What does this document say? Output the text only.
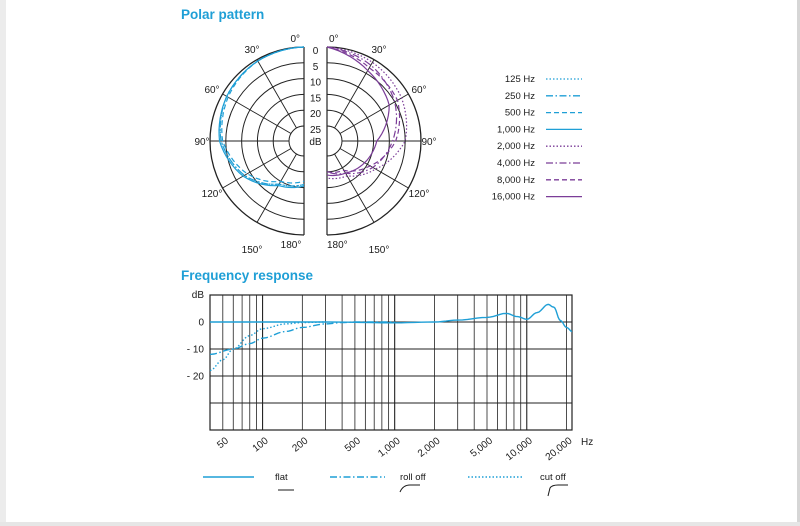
Polar pattern
Frequency response
0
5
10
15
20
25
dB
0°	0°
30°	30°
60°	60°
90°	90°
120°	120°
150°	150°
180°	180°
125 Hz
250 Hz
500 Hz
1,000 Hz
2,000 Hz
4,000 Hz
8,000 Hz
16,000 Hz
0
- 10
- 20
dB
50 100 200	500 1,000 2,000	5,000 10,000 20,000 Hz
flat	roll off	cut off
